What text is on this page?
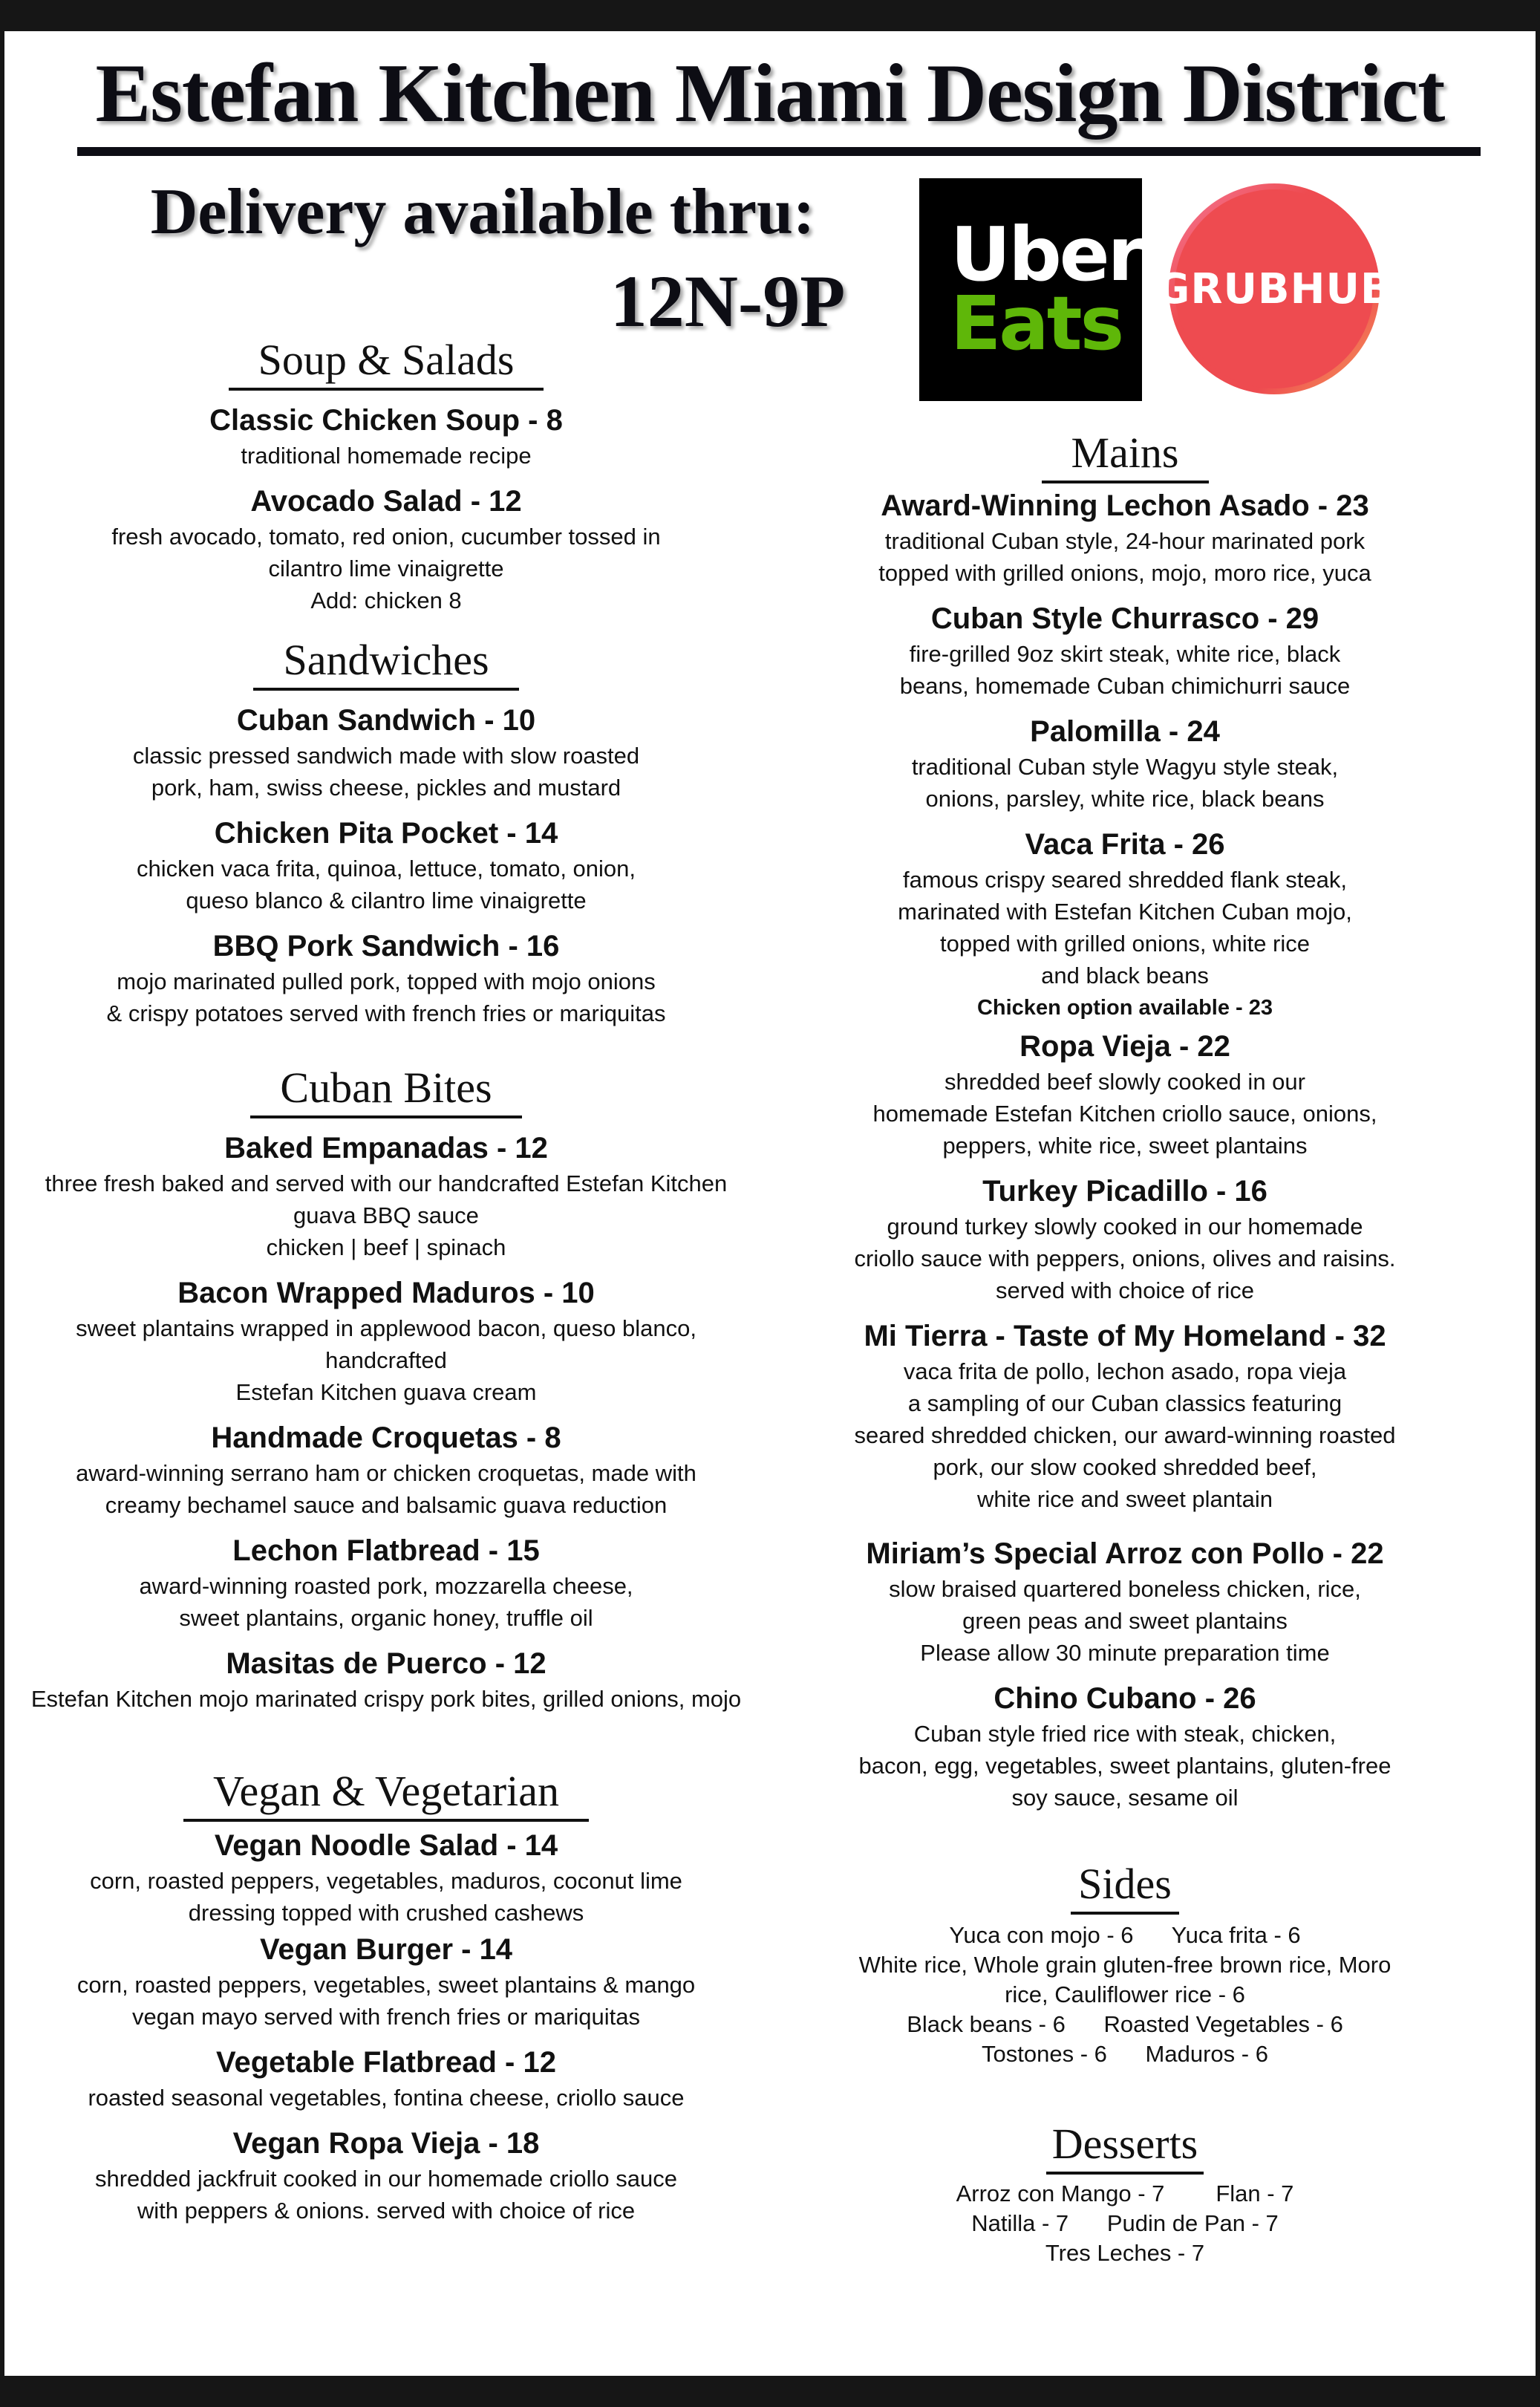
Estefan Kitchen Miami Design District
Delivery available thru:
12N-9P
Uber
Eats GRUBHUB
Soup & Salads
Classic Chicken Soup - 8
traditional homemade recipe
Avocado Salad - 12
fresh avocado, tomato, red onion, cucumber tossed in
cilantro lime vinaigrette
Add: chicken 8
Sandwiches
Cuban Sandwich - 10
classic pressed sandwich made with slow roasted
pork, ham, swiss cheese, pickles and mustard
Chicken Pita Pocket - 14
chicken vaca frita, quinoa, lettuce, tomato, onion,
queso blanco & cilantro lime vinaigrette
BBQ Pork Sandwich - 16
mojo marinated pulled pork, topped with mojo onions
& crispy potatoes served with french fries or mariquitas
Cuban Bites
Baked Empanadas - 12
three fresh baked and served with our handcrafted Estefan Kitchen
guava BBQ sauce
chicken | beef | spinach
Bacon Wrapped Maduros - 10
sweet plantains wrapped in applewood bacon, queso blanco, handcrafted
Estefan Kitchen guava cream
Handmade Croquetas - 8
award-winning serrano ham or chicken croquetas, made with
creamy bechamel sauce and balsamic guava reduction
Lechon Flatbread - 15
award-winning roasted pork, mozzarella cheese,
sweet plantains, organic honey, truffle oil
Masitas de Puerco - 12
Estefan Kitchen mojo marinated crispy pork bites, grilled onions, mojo
Vegan & Vegetarian
Vegan Noodle Salad - 14
corn, roasted peppers, vegetables, maduros, coconut lime
dressing topped with crushed cashews
Vegan Burger - 14
corn, roasted peppers, vegetables, sweet plantains & mango
vegan mayo served with french fries or mariquitas
Vegetable Flatbread - 12
roasted seasonal vegetables, fontina cheese, criollo sauce
Vegan Ropa Vieja - 18
shredded jackfruit cooked in our homemade criollo sauce
with peppers & onions. served with choice of rice
Mains
Award-Winning Lechon Asado - 23
traditional Cuban style, 24-hour marinated pork
topped with grilled onions, mojo, moro rice, yuca
Cuban Style Churrasco - 29
fire-grilled 9oz skirt steak, white rice, black
beans, homemade Cuban chimichurri sauce
Palomilla - 24
traditional Cuban style Wagyu style steak,
onions, parsley, white rice, black beans
Vaca Frita - 26
famous crispy seared shredded flank steak,
marinated with Estefan Kitchen Cuban mojo,
topped with grilled onions, white rice
and black beans
Chicken option available - 23
Ropa Vieja - 22
shredded beef slowly cooked in our
homemade Estefan Kitchen criollo sauce, onions,
peppers, white rice, sweet plantains
Turkey Picadillo - 16
ground turkey slowly cooked in our homemade
criollo sauce with peppers, onions, olives and raisins.
served with choice of rice
Mi Tierra - Taste of My Homeland - 32
vaca frita de pollo, lechon asado, ropa vieja
a sampling of our Cuban classics featuring
seared shredded chicken, our award-winning roasted
pork, our slow cooked shredded beef,
white rice and sweet plantain
Miriam’s Special Arroz con Pollo - 22
slow braised quartered boneless chicken, rice,
green peas and sweet plantains
Please allow 30 minute preparation time
Chino Cubano - 26
Cuban style fried rice with steak, chicken,
bacon, egg, vegetables, sweet plantains, gluten-free
soy sauce, sesame oil
Sides
Yuca con mojo - 6      Yuca frita - 6
White rice, Whole grain gluten-free brown rice, Moro
rice, Cauliflower rice - 6
Black beans - 6      Roasted Vegetables - 6
Tostones - 6      Maduros - 6
Desserts
Arroz con Mango - 7        Flan - 7
Natilla - 7      Pudin de Pan - 7
Tres Leches - 7
